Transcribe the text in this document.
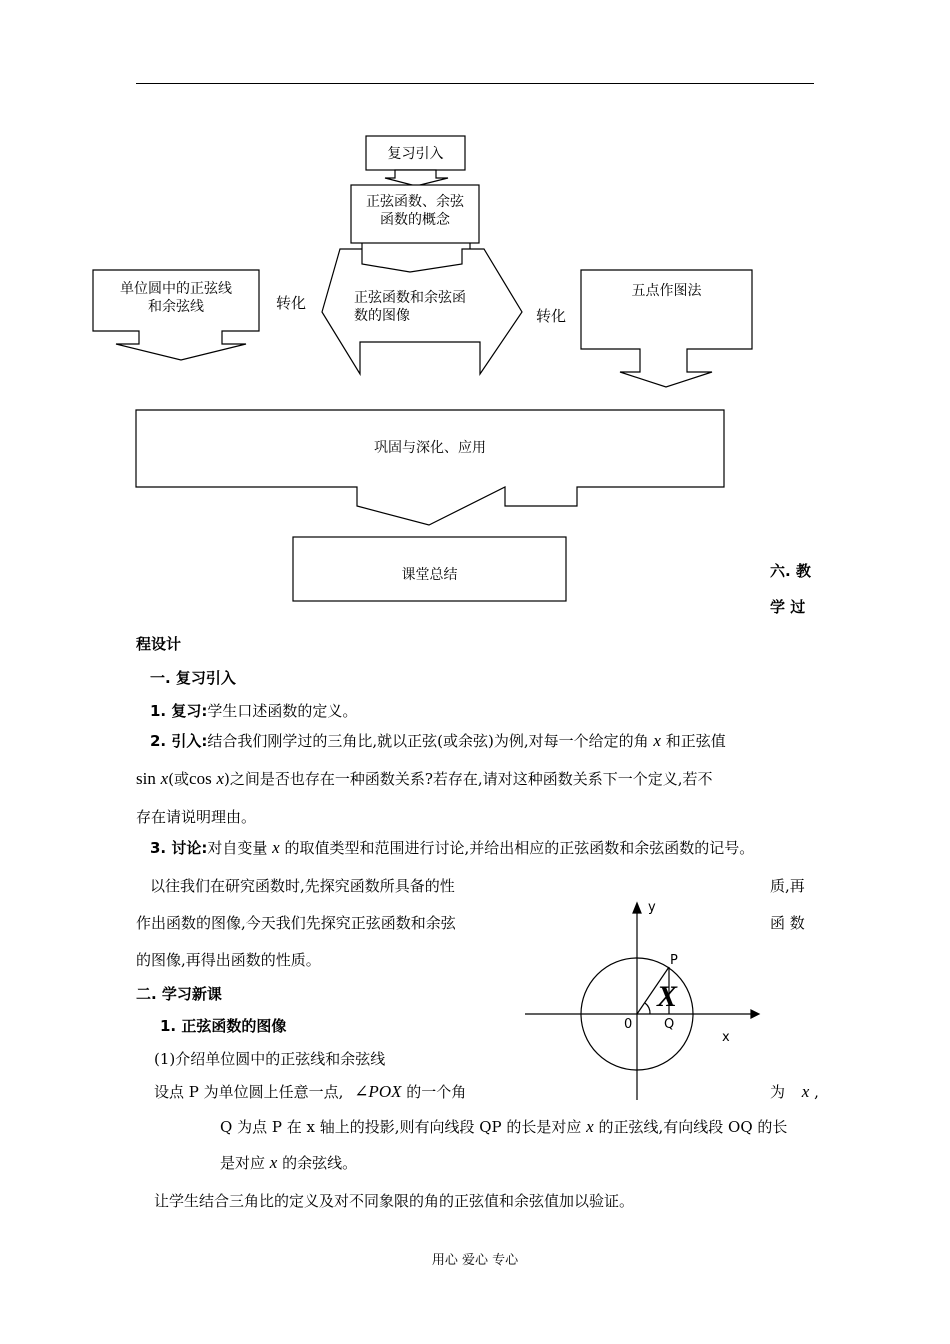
复习引入
正弦函数、余弦
函数的概念
单位圆中的正弦线
和余弦线
正弦函数和余弦函
数的图像
转化
转化
五点作图法
巩固与深化、应用
课堂总结	六. 教
学 过
程设计
一. 复习引入
1. 复习:学生口述函数的定义。
2. 引入:结合我们刚学过的三角比,就以正弦(或余弦)为例,对每一个给定的角 x 和正弦值
sin x(或cos x)之间是否也存在一种函数关系?若存在,请对这种函数关系下一个定义,若不
存在请说明理由。
3. 讨论:对自变量 x 的取值类型和范围进行讨论,并给出相应的正弦函数和余弦函数的记号。
以往我们在研究函数时,先探究函数所具备的性	质,再
作出函数的图像,今天我们先探究正弦函数和余弦	函 数
的图像,再得出函数的性质。
二. 学习新课
1. 正弦函数的图像
(1)介绍单位圆中的正弦线和余弦线
设点 P 为单位圆上任意一点, ∠POX 的一个角	为 x ,
Q 为点 P 在 x 轴上的投影,则有向线段 QP 的长是对应 x 的正弦线,有向线段 OQ 的长
是对应 x 的余弦线。
让学生结合三角比的定义及对不同象限的角的正弦值和余弦值加以验证。
y
P
X
0 Q
x
用心 爱心 专心
